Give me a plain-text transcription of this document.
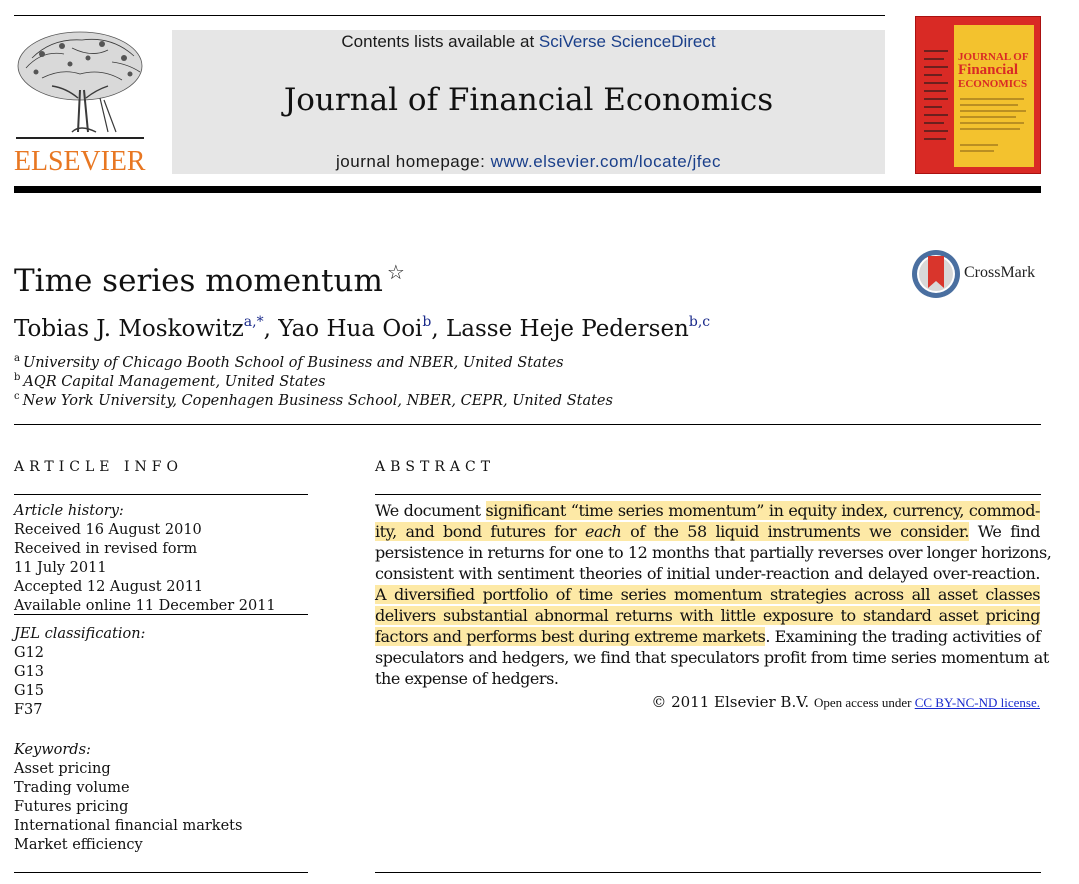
ELSEVIER
Contents lists available at SciVerse ScienceDirect
Journal of Financial Economics
journal homepage: www.elsevier.com/locate/jfec
JOURNAL OF
Financial
ECONOMICS
Time series momentum ☆	CrossMark
Tobias J. Moskowitz$^{a,*}$, Yao Hua Ooi$^b$, Lasse Heje Pedersen$^{b,c}$
$^a$ University of Chicago Booth School of Business and NBER, United States
$^b$ AQR Capital Management, United States
$^c$ New York University, Copenhagen Business School, NBER, CEPR, United States
ARTICLE INFO
Article history:
Received 16 August 2010
Received in revised form
11 July 2011
Accepted 12 August 2011
Available online 11 December 2011
JEL classification:
G12
G13
G15
F37
Keywords:
Asset pricing
Trading volume
Futures pricing
International financial markets
Market efficiency
ABSTRACT
We document significant “time series momentum” in equity index, currency, commod-
ity, and bond futures for each of the 58 liquid instruments we consider. We find
persistence in returns for one to 12 months that partially reverses over longer horizons,
consistent with sentiment theories of initial under-reaction and delayed over-reaction.
A diversified portfolio of time series momentum strategies across all asset classes
delivers substantial abnormal returns with little exposure to standard asset pricing
factors and performs best during extreme markets. Examining the trading activities of
speculators and hedgers, we find that speculators profit from time series momentum at
the expense of hedgers.
© 2011 Elsevier B.V. Open access under CC BY-NC-ND license.
